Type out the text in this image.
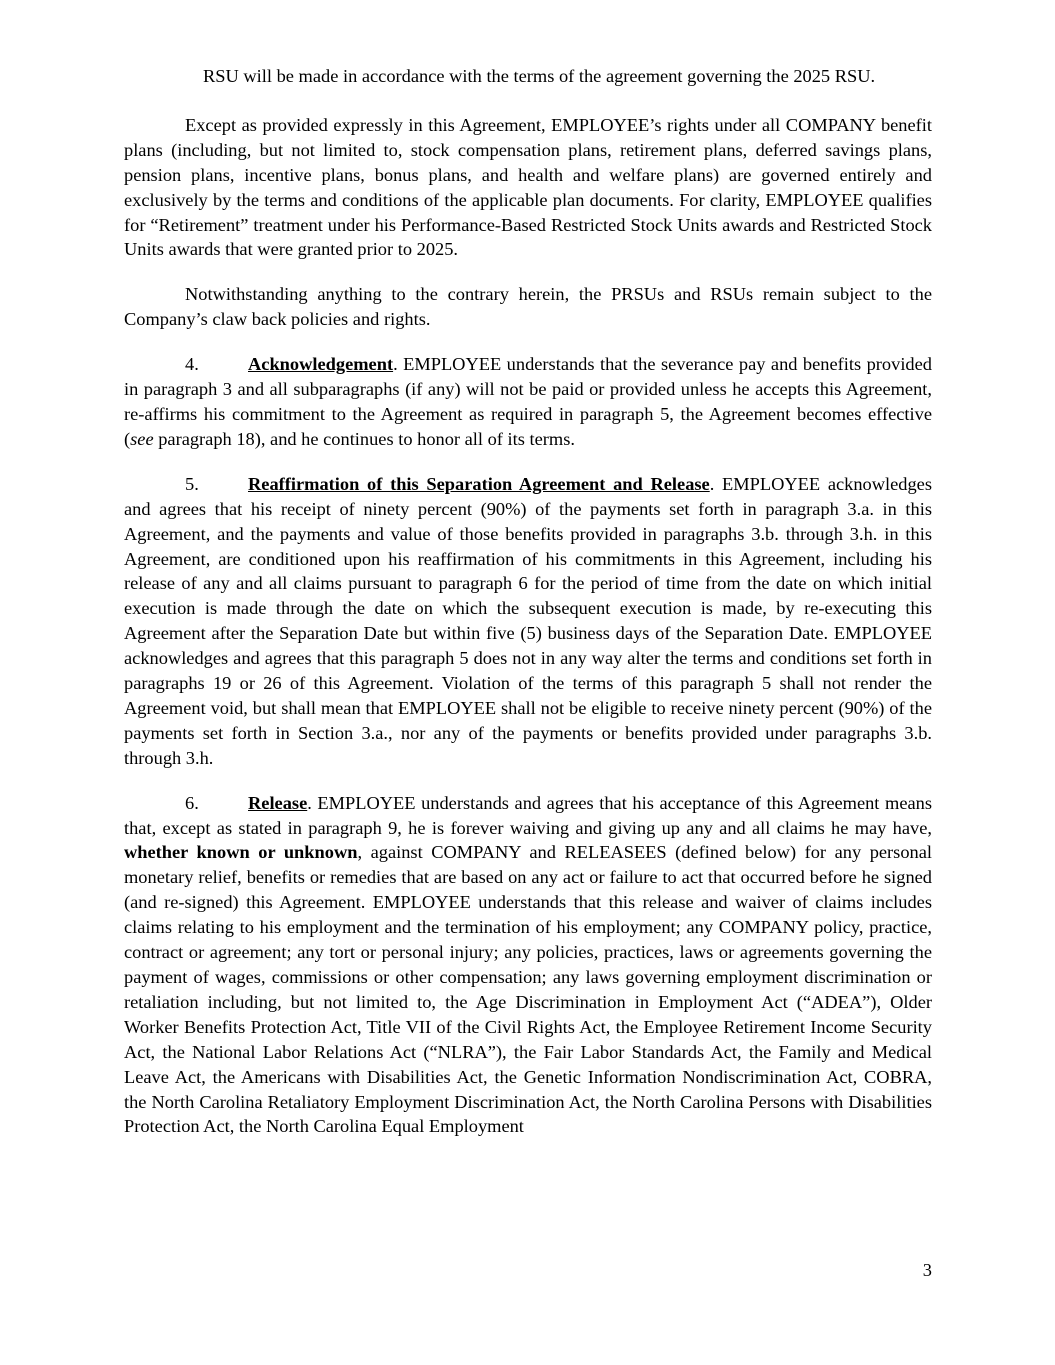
RSU will be made in accordance with the terms of the agreement governing the 2025 RSU.

Except as provided expressly in this Agreement, EMPLOYEE’s rights under all COMPANY benefit plans (including, but not limited to, stock compensation plans, retirement plans, deferred savings plans, pension plans, incentive plans, bonus plans, and health and welfare plans) are governed entirely and exclusively by the terms and conditions of the applicable plan documents. For clarity, EMPLOYEE qualifies for “Retirement” treatment under his Performance-Based Restricted Stock Units awards and Restricted Stock Units awards that were granted prior to 2025.

Notwithstanding anything to the contrary herein, the PRSUs and RSUs remain subject to the Company’s claw back policies and rights.

4.	Acknowledgement. EMPLOYEE understands that the severance pay and benefits provided in paragraph 3 and all subparagraphs (if any) will not be paid or provided unless he accepts this Agreement, re-affirms his commitment to the Agreement as required in paragraph 5, the Agreement becomes effective (see paragraph 18), and he continues to honor all of its terms.

5.	Reaffirmation of this Separation Agreement and Release. EMPLOYEE acknowledges and agrees that his receipt of ninety percent (90%) of the payments set forth in paragraph 3.a. in this Agreement, and the payments and value of those benefits provided in paragraphs 3.b. through 3.h. in this Agreement, are conditioned upon his reaffirmation of his commitments in this Agreement, including his release of any and all claims pursuant to paragraph 6 for the period of time from the date on which initial execution is made through the date on which the subsequent execution is made, by re-executing this Agreement after the Separation Date but within five (5) business days of the Separation Date. EMPLOYEE acknowledges and agrees that this paragraph 5 does not in any way alter the terms and conditions set forth in paragraphs 19 or 26 of this Agreement. Violation of the terms of this paragraph 5 shall not render the Agreement void, but shall mean that EMPLOYEE shall not be eligible to receive ninety percent (90%) of the payments set forth in Section 3.a., nor any of the payments or benefits provided under paragraphs 3.b. through 3.h.

6.	Release. EMPLOYEE understands and agrees that his acceptance of this Agreement means that, except as stated in paragraph 9, he is forever waiving and giving up any and all claims he may have, whether known or unknown, against COMPANY and RELEASEES (defined below) for any personal monetary relief, benefits or remedies that are based on any act or failure to act that occurred before he signed (and re-signed) this Agreement. EMPLOYEE understands that this release and waiver of claims includes claims relating to his employment and the termination of his employment; any COMPANY policy, practice, contract or agreement; any tort or personal injury; any policies, practices, laws or agreements governing the payment of wages, commissions or other compensation; any laws governing employment discrimination or retaliation including, but not limited to, the Age Discrimination in Employment Act (“ADEA”), Older Worker Benefits Protection Act, Title VII of the Civil Rights Act, the Employee Retirement Income Security Act, the National Labor Relations Act (“NLRA”), the Fair Labor Standards Act, the Family and Medical Leave Act, the Americans with Disabilities Act, the Genetic Information Nondiscrimination Act, COBRA, the North Carolina Retaliatory Employment Discrimination Act, the North Carolina Persons with Disabilities Protection Act, the North Carolina Equal Employment

3
